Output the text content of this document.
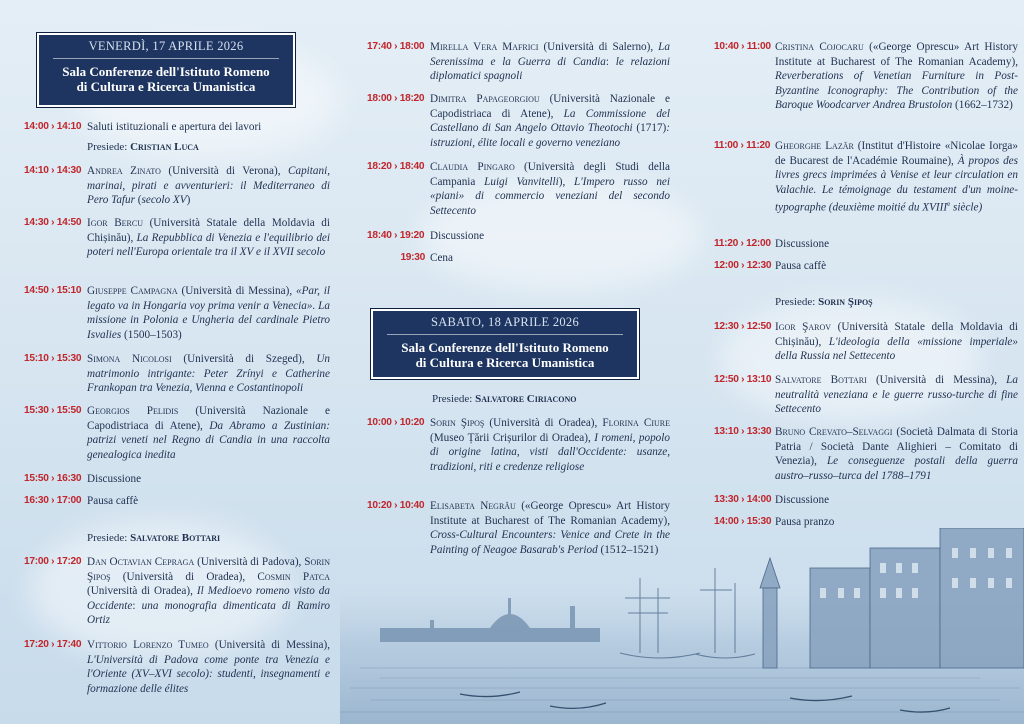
VENERDÌ, 17 APRILE 2026
Sala Conferenze dell'Istituto Romeno
di Cultura e Ricerca Umanistica
14:00 › 14:10 Saluti istituzionali e apertura dei lavori
Presiede: Cristian Luca
14:10 › 14:30 Andrea Zinato (Università di Verona), Capitani, marinai, pirati e avventurieri: il Mediterraneo di Pero Tafur (secolo XV)
14:30 › 14:50 Igor Bercu (Università Statale della Moldavia di Chișinău), La Repubblica di Venezia e l'equilibrio dei poteri nell'Europa orientale tra il XV e il XVII secolo
14:50 › 15:10 Giuseppe Campagna (Università di Messina), «Par, il legato va in Hongaria voy prima venir a Venecia». La missione in Polonia e Ungheria del cardinale Pietro Isvalies (1500–1503)
15:10 › 15:30 Simona Nicolosi (Università di Szeged), Un matrimonio intrigante: Peter Zrínyi e Catherine Frankopan tra Venezia, Vienna e Costantinopoli
15:30 › 15:50 Georgios Pelidis (Università Nazionale e Capodistriaca di Atene), Da Abramo a Zustinian: patrizi veneti nel Regno di Candia in una raccolta genealogica inedita
15:50 › 16:30 Discussione
16:30 › 17:00 Pausa caffè
Presiede: Salvatore Bottari
17:00 › 17:20 Dan Octavian Cepraga (Università di Padova), Sorin Şipoş (Università di Oradea), Cosmin Patca (Università di Oradea), Il Medioevo romeno visto da Occidente: una monografia dimenticata di Ramiro Ortiz
17:20 › 17:40 Vittorio Lorenzo Tumeo (Università di Messina), L'Università di Padova come ponte tra Venezia e l'Oriente (XV–XVI secolo): studenti, insegnamenti e formazione delle élites
17:40 › 18:00 Mirella Vera Mafrici (Università di Salerno), La Serenissima e la Guerra di Candia: le relazioni diplomatici spagnoli
18:00 › 18:20 Dimitra Papageorgiou (Università Nazionale e Capodistriaca di Atene), La Commissione del Castellano di San Angelo Ottavio Theotochi (1717): istruzioni, élite locali e governo veneziano
18:20 › 18:40 Claudia Pingaro (Università degli Studi della Campania Luigi Vanvitelli), L'Impero russo nei «piani» di commercio veneziani del secondo Settecento
18:40 › 19:20 Discussione
19:30 Cena
SABATO, 18 APRILE 2026
Sala Conferenze dell'Istituto Romeno
di Cultura e Ricerca Umanistica
Presiede: Salvatore Ciriacono
10:00 › 10:20 Sorin Şipoş (Università di Oradea), Florina Ciure (Museo Țării Crișurilor di Oradea), I romeni, popolo di origine latina, visti dall'Occidente: usanze, tradizioni, riti e credenze religiose
10:20 › 10:40 Elisabeta Negrău («George Oprescu» Art History Institute at Bucharest of The Romanian Academy), Cross-Cultural Encounters: Venice and Crete in the Painting of Neagoe Basarab's Period (1512–1521)
10:40 › 11:00 Cristina Cojocaru («George Oprescu» Art History Institute at Bucharest of The Romanian Academy), Reverberations of Venetian Furniture in Post-Byzantine Iconography: The Contribution of the Baroque Woodcarver Andrea Brustolon (1662–1732)
11:00 › 11:20 Gheorghe Lazăr (Institut d'Histoire «Nicolae Iorga» de Bucarest de l'Académie Roumaine), À propos des livres grecs imprimées à Venise et leur circulation en Valachie. Le témoignage du testament d'un moine-typographe (deuxième moitié du XVIIIe siècle)
11:20 › 12:00 Discussione
12:00 › 12:30 Pausa caffè
Presiede: Sorin Şipoş
12:30 › 12:50 Igor Şarov (Università Statale della Moldavia di Chișinău), L'ideologia della «missione imperiale» della Russia nel Settecento
12:50 › 13:10 Salvatore Bottari (Università di Messina), La neutralità veneziana e le guerre russo-turche di fine Settecento
13:10 › 13:30 Bruno Crevato–Selvaggi (Società Dalmata di Storia Patria / Società Dante Alighieri – Comitato di Venezia), Le conseguenze postali della guerra austro–russo–turca del 1788–1791
13:30 › 14:00 Discussione
14:00 › 15:30 Pausa pranzo
